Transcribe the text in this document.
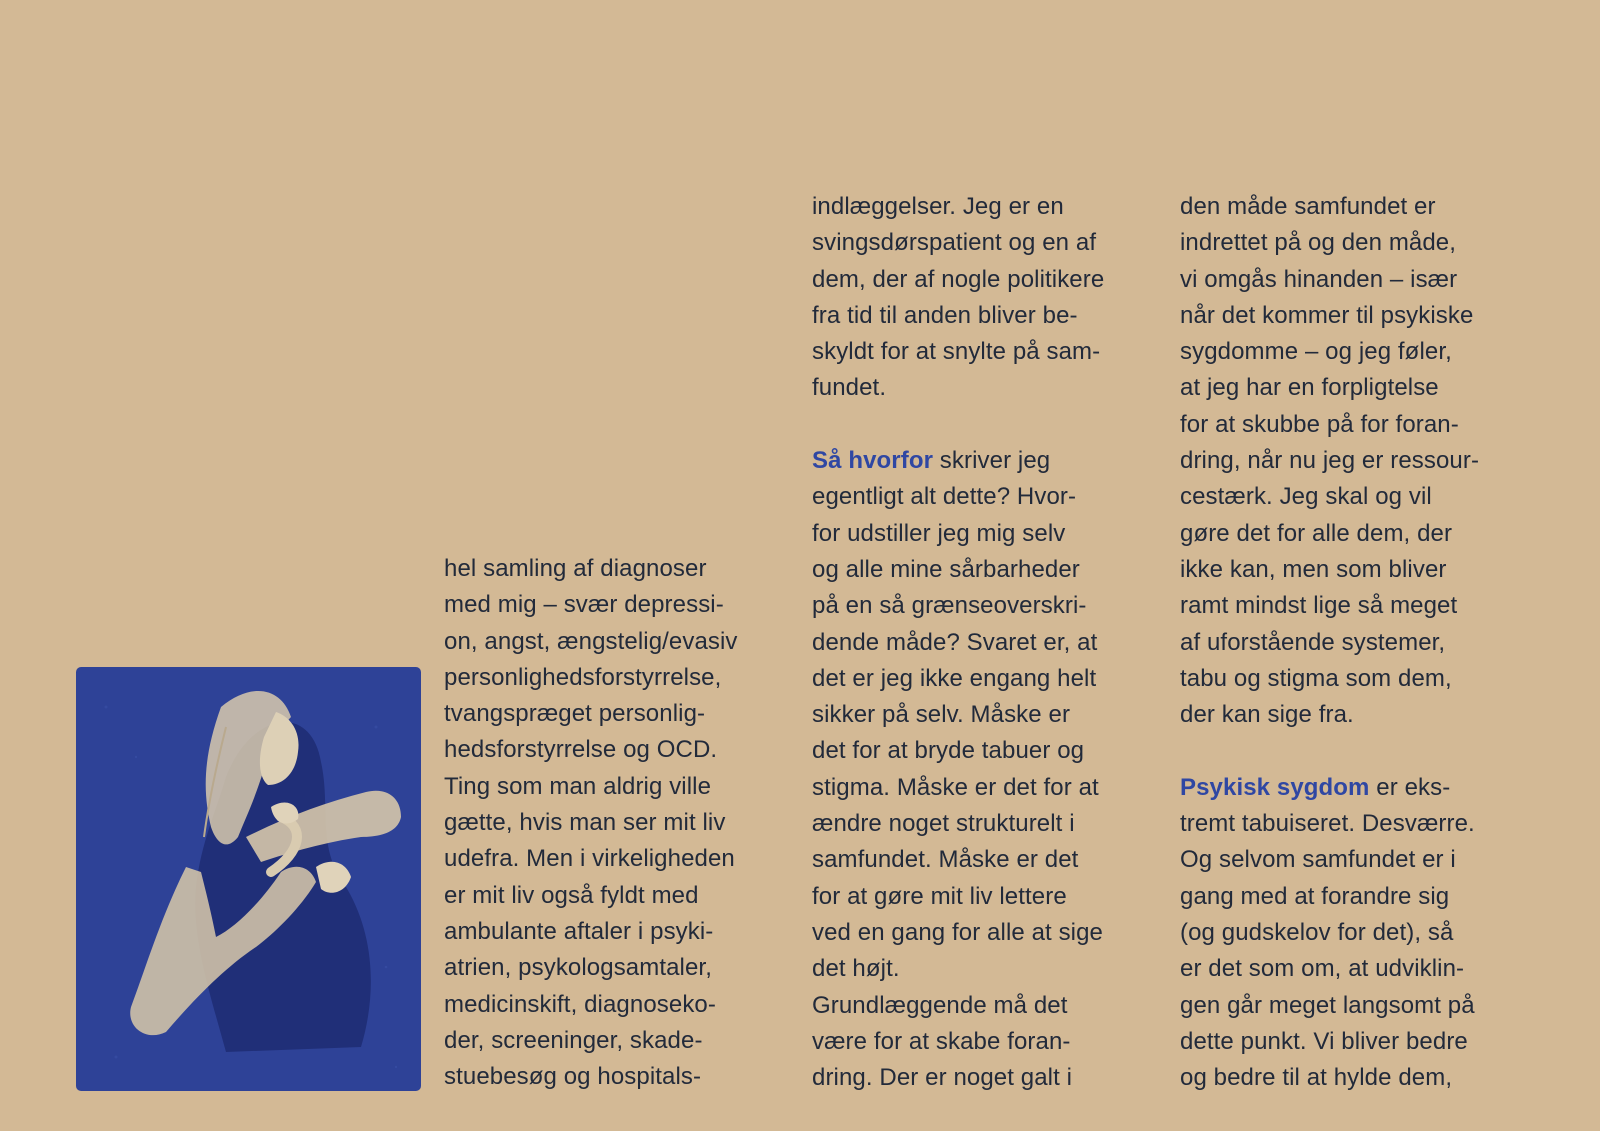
hel samling af diagnoser
med mig – svær depressi-
on, angst, ængstelig/evasiv
personlighedsforstyrrelse,
tvangspræget personlig-
hedsforstyrrelse og OCD.
Ting som man aldrig ville
gætte, hvis man ser mit liv
udefra. Men i virkeligheden
er mit liv også fyldt med
ambulante aftaler i psyki-
atrien, psykologsamtaler,
medicinskift, diagnoseko-
der, screeninger, skade-
stuebesøg og hospitals-
indlæggelser. Jeg er en
svingsdørspatient og en af
dem, der af nogle politikere
fra tid til anden bliver be-
skyldt for at snylte på sam-
fundet.
Så hvorfor skriver jeg
egentligt alt dette? Hvor-
for udstiller jeg mig selv
og alle mine sårbarheder
på en så grænseoverskri-
dende måde? Svaret er, at
det er jeg ikke engang helt
sikker på selv. Måske er
det for at bryde tabuer og
stigma. Måske er det for at
ændre noget strukturelt i
samfundet. Måske er det
for at gøre mit liv lettere
ved en gang for alle at sige
det højt.
Grundlæggende må det
være for at skabe foran-
dring. Der er noget galt i
den måde samfundet er
indrettet på og den måde,
vi omgås hinanden – især
når det kommer til psykiske
sygdomme – og jeg føler,
at jeg har en forpligtelse
for at skubbe på for foran-
dring, når nu jeg er ressour-
cestærk. Jeg skal og vil
gøre det for alle dem, der
ikke kan, men som bliver
ramt mindst lige så meget
af uforstående systemer,
tabu og stigma som dem,
der kan sige fra.
Psykisk sygdom er eks-
tremt tabuiseret. Desværre.
Og selvom samfundet er i
gang med at forandre sig
(og gudskelov for det), så
er det som om, at udviklin-
gen går meget langsomt på
dette punkt. Vi bliver bedre
og bedre til at hylde dem,
